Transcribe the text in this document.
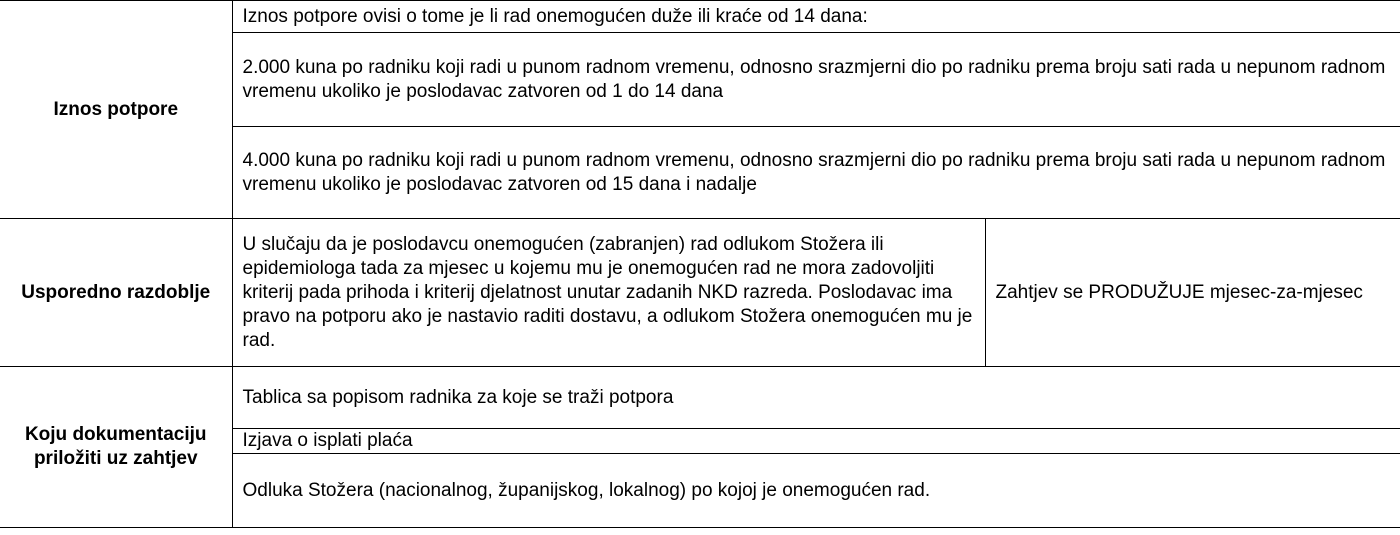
Iznos potpore	Iznos potpore ovisi o tome je li rad onemogućen duže ili kraće od 14 dana:	
	2.000 kuna po radniku koji radi u punom radnom vremenu, odnosno srazmjerni dio po radniku prema broju sati rada u nepunom radnom vremenu ukoliko je poslodavac zatvoren od 1 do 14 dana	
	4.000 kuna po radniku koji radi u punom radnom vremenu, odnosno srazmjerni dio po radniku prema broju sati rada u nepunom radnom vremenu ukoliko je poslodavac zatvoren od 15 dana i nadalje	
Usporedno razdoblje	U slučaju da je poslodavcu onemogućen (zabranjen) rad odlukom Stožera ili epidemiologa tada za mjesec u kojemu mu je onemogućen rad ne mora zadovoljiti kriterij pada prihoda i kriterij djelatnost unutar zadanih NKD razreda. Poslodavac ima pravo na potporu ako je nastavio raditi dostavu, a odlukom Stožera onemogućen mu je rad.	Zahtjev se PRODUŽUJE mjesec-za-mjesec
Koju dokumentaciju priložiti uz zahtjev	Tablica sa popisom radnika za koje se traži potpora	
	Izjava o isplati plaća	
	Odluka Stožera (nacionalnog, županijskog, lokalnog) po kojoj je onemogućen rad.	
